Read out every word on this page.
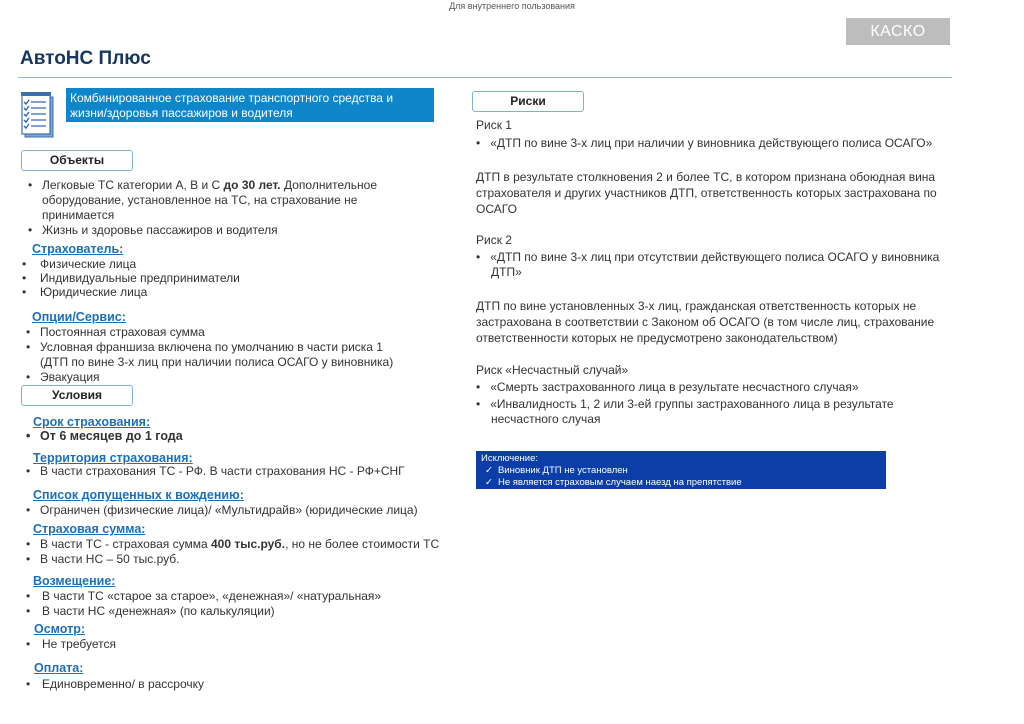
Для внутреннего пользования
КАСКО
АвтоНС Плюс
Комбинированное страхование транспортного средства и
жизни/здоровья пассажиров и водителя
Объекты
• Легковые ТС категории А, В и С до 30 лет. Дополнительное
оборудование, установленное на ТС, на страхование не
принимается
• Жизнь и здоровье пассажиров и водителя
Страхователь:
• Физические лица
• Индивидуальные предприниматели
• Юридические лица
Опции/Сервис:
• Постоянная страховая сумма
• Условная франшиза включена по умолчанию в части риска 1
(ДТП по вине 3-х лиц при наличии полиса ОСАГО у виновника)
• Эвакуация
Условия
Срок страхования:
• От 6 месяцев до 1 года
Территория страхования:
• В части страхования ТС - РФ. В части страхования НС - РФ+СНГ
Список допущенных к вождению:
• Ограничен (физические лица)/ «Мультидрайв» (юридические лица)
Страховая сумма:
• В части ТС - страховая сумма 400 тыс.руб., но не более стоимости ТС
• В части НС – 50 тыс.руб.
Возмещение:
• В части ТС «старое за старое», «денежная»/ «натуральная»
• В части НС «денежная» (по калькуляции)
Осмотр:
• Не требуется
Оплата:
• Единовременно/ в рассрочку
Риски
Риск 1
• «ДТП по вине 3-х лиц при наличии у виновника действующего полиса ОСАГО»
ДТП в результате столкновения 2 и более ТС, в котором признана обоюдная вина
страхователя и других участников ДТП, ответственность которых застрахована по
ОСАГО
Риск 2
• «ДТП по вине 3-х лиц при отсутствии действующего полиса ОСАГО у виновника
ДТП»
ДТП по вине установленных 3-х лиц, гражданская ответственность которых не
застрахована в соответствии с Законом об ОСАГО (в том числе лиц, страхование
ответственности которых не предусмотрено законодательством)
Риск «Несчастный случай»
• «Смерть застрахованного лица в результате несчастного случая»
• «Инвалидность 1, 2 или 3-ей группы застрахованного лица в результате
несчастного случая
Исключение:
✓ Виновник ДТП не установлен
✓ Не является страховым случаем наезд на препятствие
